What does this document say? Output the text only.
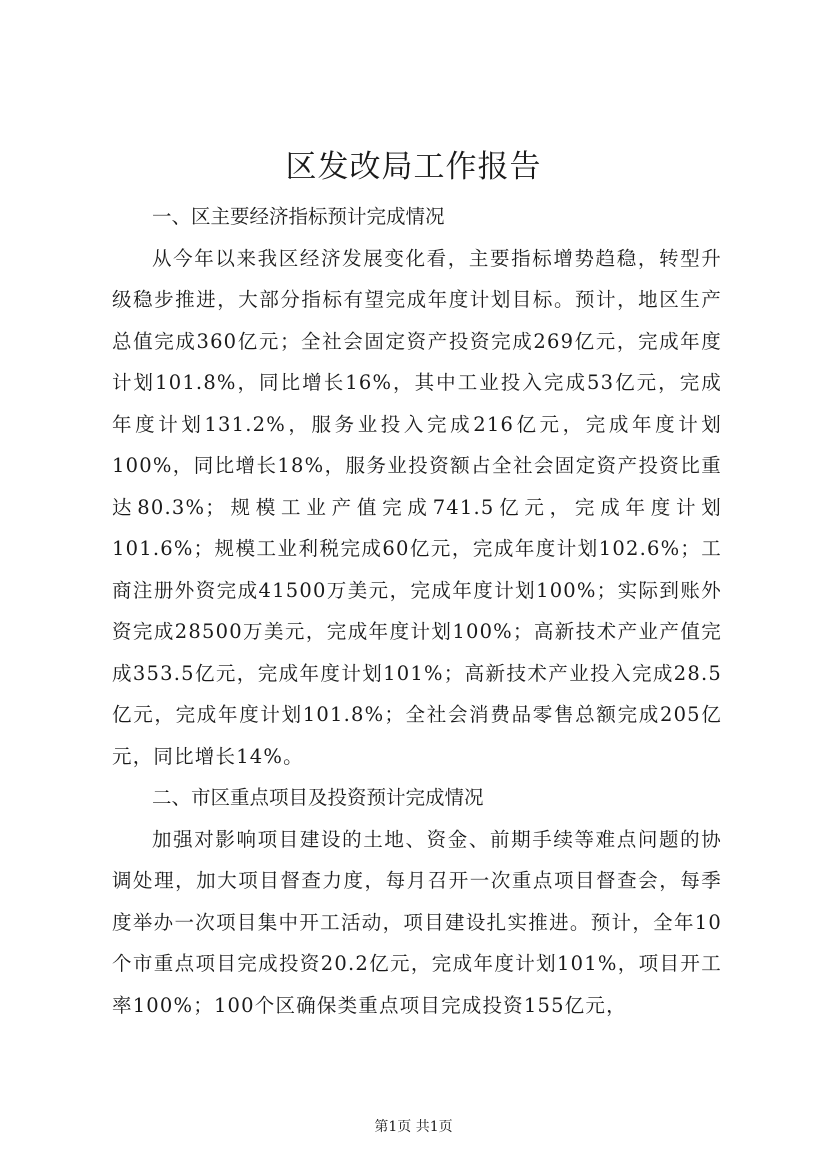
区发改局工作报告
一、区主要经济指标预计完成情况

从今年以来我区经济发展变化看，主要指标增势趋稳，转型升级稳步推进，大部分指标有望完成年度计划目标。预计，地区生产总值完成360亿元；全社会固定资产投资完成269亿元，完成年度计划101.8%，同比增长16%，其中工业投入完成53亿元，完成年度计划131.2%，服务业投入完成216亿元，完成年度计划100%，同比增长18%，服务业投资额占全社会固定资产投资比重达80.3%；规模工业产值完成741.5亿元，完成年度计划101.6%；规模工业利税完成60亿元，完成年度计划102.6%；工商注册外资完成41500万美元，完成年度计划100%；实际到账外资完成28500万美元，完成年度计划100%；高新技术产业产值完成353.5亿元，完成年度计划101%；高新技术产业投入完成28.5亿元，完成年度计划101.8%；全社会消费品零售总额完成205亿元，同比增长14%。

二、市区重点项目及投资预计完成情况

加强对影响项目建设的土地、资金、前期手续等难点问题的协调处理，加大项目督查力度，每月召开一次重点项目督查会，每季度举办一次项目集中开工活动，项目建设扎实推进。预计，全年10个市重点项目完成投资20.2亿元，完成年度计划101%，项目开工率100%；100个区确保类重点项目完成投资155亿元，

第1页 共1页
